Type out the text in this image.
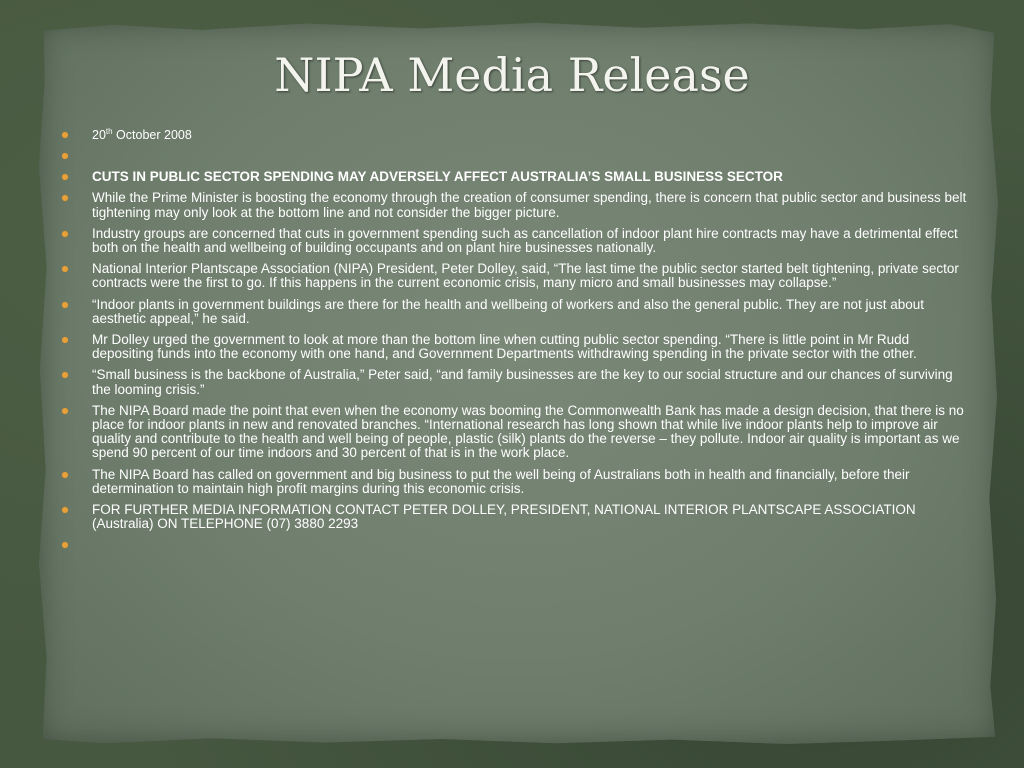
NIPA Media Release
20th October 2008
CUTS IN PUBLIC SECTOR SPENDING MAY ADVERSELY AFFECT AUSTRALIA’S SMALL BUSINESS SECTOR
While the Prime Minister is boosting the economy through the creation of consumer spending, there is concern that public sector and business belt tightening may only look at the bottom line and not consider the bigger picture.
Industry groups are concerned that cuts in government spending such as cancellation of indoor plant hire contracts may have a detrimental effect both on the health and wellbeing of building occupants and on plant hire businesses nationally.
National Interior Plantscape Association (NIPA) President, Peter Dolley, said, “The last time the public sector started belt tightening, private sector contracts were the first to go. If this happens in the current economic crisis, many micro and small businesses may collapse.”
“Indoor plants in government buildings are there for the health and wellbeing of workers and also the general public. They are not just about aesthetic appeal,” he said.
Mr Dolley urged the government to look at more than the bottom line when cutting public sector spending. “There is little point in Mr Rudd depositing funds into the economy with one hand, and Government Departments withdrawing spending in the private sector with the other.
“Small business is the backbone of Australia,” Peter said, “and family businesses are the key to our social structure and our chances of surviving the looming crisis.”
The NIPA Board made the point that even when the economy was booming the Commonwealth Bank has made a design decision, that there is no place for indoor plants in new and renovated branches. “International research has long shown that while live indoor plants help to improve air quality and contribute to the health and well being of people, plastic (silk) plants do the reverse – they pollute. Indoor air quality is important as we spend 90 percent of our time indoors and 30 percent of that is in the work place.
The NIPA Board has called on government and big business to put the well being of Australians both in health and financially, before their determination to maintain high profit margins during this economic crisis.
FOR FURTHER MEDIA INFORMATION CONTACT PETER DOLLEY, PRESIDENT, NATIONAL INTERIOR PLANTSCAPE ASSOCIATION (Australia) ON TELEPHONE (07) 3880 2293
